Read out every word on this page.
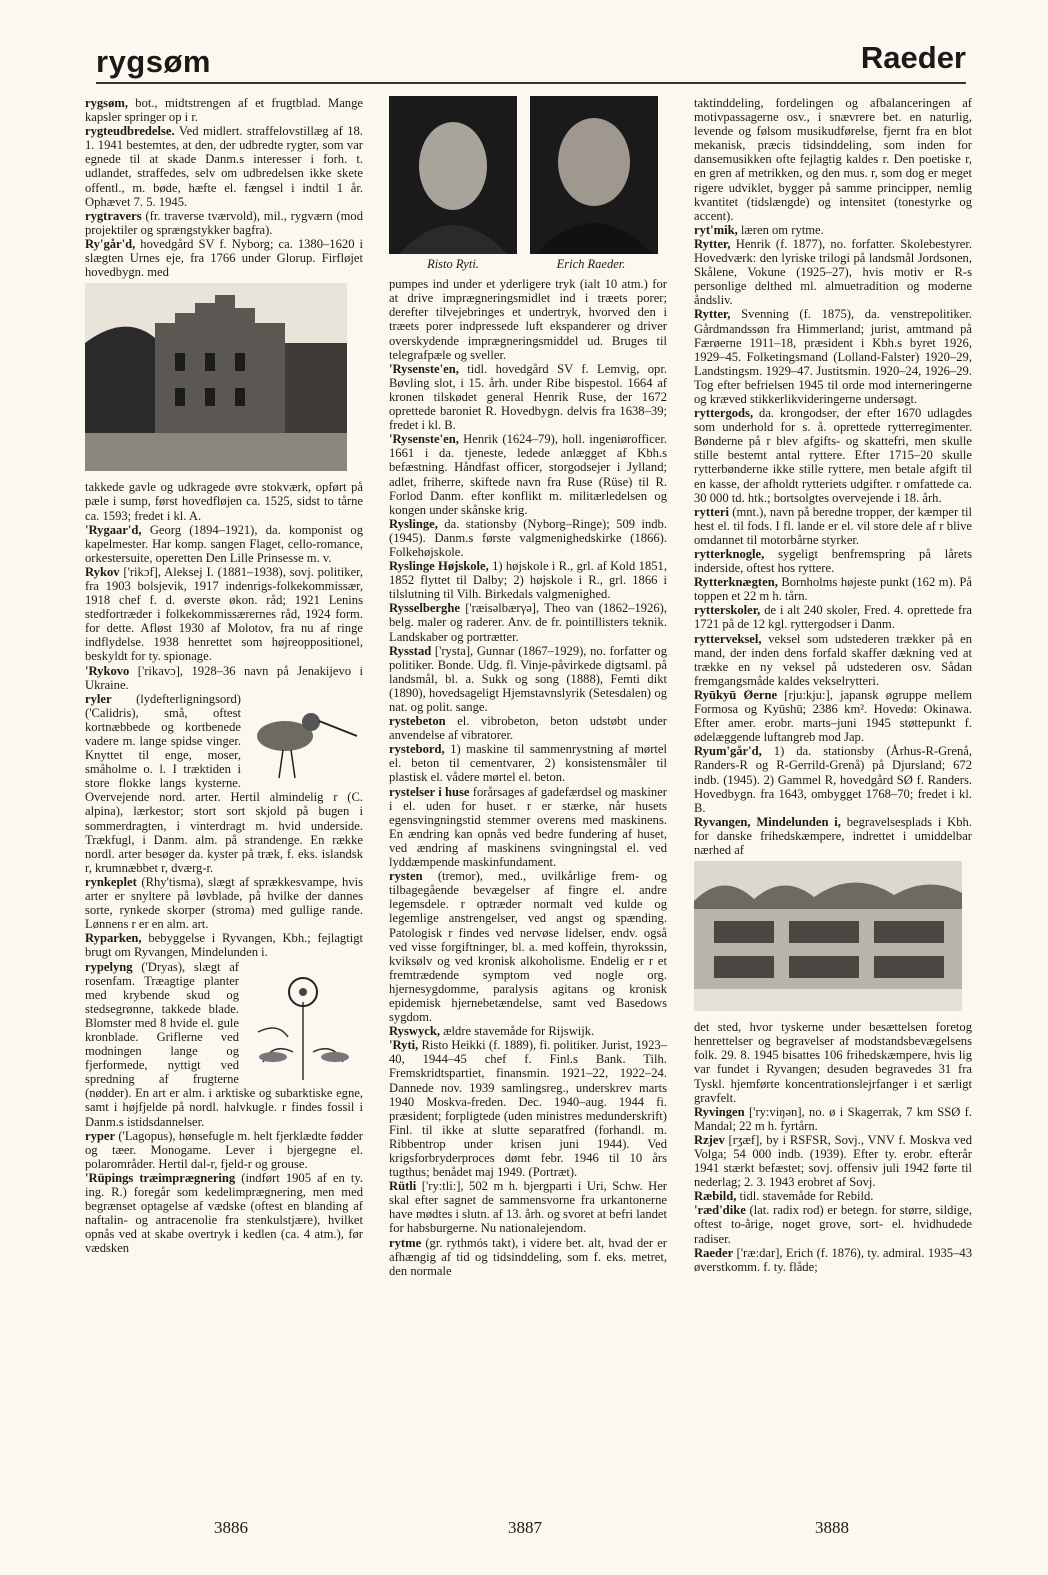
rygsøm	Raeder

rygsøm, bot., midtstrengen af et frugtblad. Mange kapsler springer op i r.

rygteudbredelse. Ved midlert. straffelovstillæg af 18. 1. 1941 bestemtes, at den, der udbredte rygter, som var egnede til at skade Danm.s interesser i forh. t. udlandet, straffedes, selv om udbredelsen ikke skete offentl., m. bøde, hæfte el. fængsel i indtil 1 år. Ophævet 7. 5. 1945.

rygtravers (fr. traverse tværvold), mil., rygværn (mod projektiler og sprængstykker bagfra).

Ry'går'd, hovedgård SV f. Nyborg; ca. 1380–1620 i slægten Urnes eje, fra 1766 under Glorup. Firfløjet hovedbygn. med

takkede gavle og udkragede øvre stokværk, opført på pæle i sump, først hovedfløjen ca. 1525, sidst to tårne ca. 1593; fredet i kl. A.

'Rygaar'd, Georg (1894–1921), da. komponist og kapelmester. Har komp. sangen Flaget, cello-romance, orkestersuite, operetten Den Lille Prinsesse m. v.

Rykov ['rikɔf], Aleksej I. (1881–1938), sovj. politiker, fra 1903 bolsjevik, 1917 indenrigs-folkekommissær, 1918 chef f. d. øverste økon. råd; 1921 Lenins stedfortræder i folkekommissærernes råd, 1924 form. for dette. Afløst 1930 af Molotov, fra nu af ringe indflydelse. 1938 henrettet som højreoppositionel, beskyldt for ty. spionage.

'Rykovo ['rikavɔ], 1928–36 navn på Jenakijevo i Ukraine.

ryler (lydefterligningsord) ('Calidris), små, oftest kortnæbbede og kortbenede vadere m. lange spidse vinger. Knyttet til enge, moser, småholme o. l. I træktiden i store flokke langs kysterne. Overvejende nord. arter. Hertil almindelig r (C. alpina), lærkestor; stort sort skjold på bugen i sommerdragten, i vinterdragt m. hvid underside. Trækfugl, i Danm. alm. på strandenge. En række nordl. arter besøger da. kyster på træk, f. eks. islandsk r, krumnæbbet r, dværg-r.

rynkeplet (Rhy'tisma), slægt af sprækkesvampe, hvis arter er snyltere på løvblade, på hvilke der dannes sorte, rynkede skorper (stroma) med gullige rande. Lønnens r er en alm. art.

Ryparken, bebyggelse i Ryvangen, Kbh.; fejlagtigt brugt om Ryvangen, Mindelunden i.

rypelyng ('Dryas), slægt af rosenfam. Træagtige planter med krybende skud og stedsegrønne, takkede blade. Blomster med 8 hvide el. gule kronblade. Griflerne ved modningen lange og fjerformede, nyttigt ved spredning af frugterne (nødder). En art er alm. i arktiske og subarktiske egne, samt i højfjelde på nordl. halvkugle. r findes fossil i Danm.s istidsdannelser.

ryper ('Lagopus), hønsefugle m. helt fjerklædte fødder og tæer. Monogame. Lever i bjergegne el. polarområder. Hertil dal-r, fjeld-r og grouse.

'Rüpings træimprægnering (indført 1905 af en ty. ing. R.) foregår som kedelimprægnering, men med begrænset optagelse af vædske (oftest en blanding af naftalin- og antracenolie fra stenkulstjære), hvilket opnås ved at skabe overtryk i kedlen (ca. 4 atm.), før vædsken

Risto Ryti.	Erich Raeder.

pumpes ind under et yderligere tryk (ialt 10 atm.) for at drive imprægneringsmidlet ind i træets porer; derefter tilvejebringes et undertryk, hvorved den i træets porer indpressede luft ekspanderer og driver overskydende imprægneringsmiddel ud. Bruges til telegrafpæle og sveller.

'Rysenste'en, tidl. hovedgård SV f. Lemvig, opr. Bøvling slot, i 15. årh. under Ribe bispestol. 1664 af kronen tilskødet general Henrik Ruse, der 1672 oprettede baroniet R. Hovedbygn. delvis fra 1638–39; fredet i kl. B.

'Rysenste'en, Henrik (1624–79), holl. ingeniørofficer. 1661 i da. tjeneste, ledede anlægget af Kbh.s befæstning. Håndfast officer, storgodsejer i Jylland; adlet, friherre, skiftede navn fra Ruse (Rüse) til R. Forlod Danm. efter konflikt m. militærledelsen og kongen under skånske krig.

Ryslinge, da. stationsby (Nyborg–Ringe); 509 indb. (1945). Danm.s første valgmenighedskirke (1866). Folkehøjskole.

Ryslinge Højskole, 1) højskole i R., grl. af Kold 1851, 1852 flyttet til Dalby; 2) højskole i R., grl. 1866 i tilslutning til Vilh. Birkedals valgmenighed.

Rysselberghe ['ræisəlbærγə], Theo van (1862–1926), belg. maler og raderer. Anv. de fr. pointillisters teknik. Landskaber og portrætter.

Rysstad ['rysta], Gunnar (1867–1929), no. forfatter og politiker. Bonde. Udg. fl. Vinje-påvirkede digtsaml. på landsmål, bl. a. Sukk og song (1888), Femti dikt (1890), hovedsageligt Hjemstavnslyrik (Setesdalen) og nat. og polit. sange.

rystebeton el. vibrobeton, beton udstøbt under anvendelse af vibratorer.

rystebord, 1) maskine til sammenrystning af mørtel el. beton til cementvarer, 2) konsistensmåler til plastisk el. vådere mørtel el. beton.

rystelser i huse forårsages af gadefærdsel og maskiner i el. uden for huset. r er stærke, når husets egensvingningstid stemmer overens med maskinens. En ændring kan opnås ved bedre fundering af huset, ved ændring af maskinens svingningstal el. ved lyddæmpende maskinfundament.

rysten (tremor), med., uvilkårlige frem- og tilbagegående bevægelser af fingre el. andre legemsdele. r optræder normalt ved kulde og legemlige anstrengelser, ved angst og spænding. Patologisk r findes ved nervøse lidelser, endv. også ved visse forgiftninger, bl. a. med koffein, thyrokssin, kviksølv og ved kronisk alkoholisme. Endelig er r et fremtrædende symptom ved nogle org. hjernesygdomme, paralysis agitans og kronisk epidemisk hjernebetændelse, samt ved Basedows sygdom.

Ryswyck, ældre stavemåde for Rijswijk.

'Ryti, Risto Heikki (f. 1889), fi. politiker. Jurist, 1923–40, 1944–45 chef f. Finl.s Bank. Tilh. Fremskridtspartiet, finansmin. 1921–22, 1922–24. Dannede nov. 1939 samlingsreg., underskrev marts 1940 Moskva-freden. Dec. 1940–aug. 1944 fi. præsident; forpligtede (uden ministres medunderskrift) Finl. til ikke at slutte separatfred (forhandl. m. Ribbentrop under krisen juni 1944). Ved krigsforbryderproces dømt febr. 1946 til 10 års tugthus; benådet maj 1949. (Portræt).

Rütli ['ry:tli:], 502 m h. bjergparti i Uri, Schw. Her skal efter sagnet de sammensvorne fra urkantonerne have mødtes i slutn. af 13. årh. og svoret at befri landet for habsburgerne. Nu nationalejendom.

rytme (gr. rythmós takt), i videre bet. alt, hvad der er afhængig af tid og tidsinddeling, som f. eks. metret, den normale

taktinddeling, fordelingen og afbalanceringen af motivpassagerne osv., i snævrere bet. en naturlig, levende og følsom musikudførelse, fjernt fra en blot mekanisk, præcis tidsinddeling, som inden for dansemusikken ofte fejlagtig kaldes r. Den poetiske r, en gren af metrikken, og den mus. r, som dog er meget rigere udviklet, bygger på samme principper, nemlig kvantitet (tidslængde) og intensitet (tonestyrke og accent).

ryt'mik, læren om rytme.

Rytter, Henrik (f. 1877), no. forfatter. Skolebestyrer. Hovedværk: den lyriske trilogi på landsmål Jordsonen, Skålene, Vokune (1925–27), hvis motiv er R-s personlige delthed ml. almuetradition og moderne åndsliv.

Rytter, Svenning (f. 1875), da. venstrepolitiker. Gårdmandssøn fra Himmerland; jurist, amtmand på Færøerne 1911–18, præsident i Kbh.s byret 1926, 1929–45. Folketingsmand (Lolland-Falster) 1920–29, Landstingsm. 1929–47. Justitsmin. 1920–24, 1926–29. Tog efter befrielsen 1945 til orde mod interneringerne og kræved stikkerlikvideringerne undersøgt.

ryttergods, da. krongodser, der efter 1670 udlagdes som underhold for s. å. oprettede rytterregimenter. Bønderne på r blev afgifts- og skattefri, men skulle stille bestemt antal ryttere. Efter 1715–20 skulle rytterbønderne ikke stille ryttere, men betale afgift til en kasse, der afholdt rytteriets udgifter. r omfattede ca. 30 000 td. htk.; bortsolgtes overvejende i 18. årh.

rytteri (mnt.), navn på beredne tropper, der kæmper til hest el. til fods. I fl. lande er el. vil store dele af r blive omdannet til motorbårne styrker.

rytterknogle, sygeligt benfremspring på lårets inderside, oftest hos ryttere.

Rytterknægten, Bornholms højeste punkt (162 m). På toppen et 22 m h. tårn.

rytterskoler, de i alt 240 skoler, Fred. 4. oprettede fra 1721 på de 12 kgl. ryttergodser i Danm.

rytterveksel, veksel som udstederen trækker på en mand, der inden dens forfald skaffer dækning ved at trække en ny veksel på udstederen osv. Sådan fremgangsmåde kaldes vekselrytteri.

Ryūkyū Øerne [rju:kju:], japansk øgruppe mellem Formosa og Kyūshū; 2386 km². Hovedø: Okinawa. Efter amer. erobr. marts–juni 1945 støttepunkt f. ødelæggende luftangreb mod Jap.

Ryum'går'd, 1) da. stationsby (Århus-R-Grenå, Randers-R og R-Gerrild-Grenå) på Djursland; 672 indb. (1945). 2) Gammel R, hovedgård SØ f. Randers. Hovedbygn. fra 1643, ombygget 1768–70; fredet i kl. B.

Ryvangen, Mindelunden i, begravelsesplads i Kbh. for danske frihedskæmpere, indrettet i umiddelbar nærhed af

det sted, hvor tyskerne under besættelsen foretog henrettelser og begravelser af modstandsbevægelsens folk. 29. 8. 1945 bisattes 106 frihedskæmpere, hvis lig var fundet i Ryvangen; desuden begravedes 31 fra Tyskl. hjemførte koncentrationslejrfanger i et særligt gravfelt.

Ryvingen ['ry:viŋən], no. ø i Skagerrak, 7 km SSØ f. Mandal; 22 m h. fyrtårn.

Rzjev [rʒæf], by i RSFSR, Sovj., VNV f. Moskva ved Volga; 54 000 indb. (1939). Efter ty. erobr. efterår 1941 stærkt befæstet; sovj. offensiv juli 1942 førte til nederlag; 2. 3. 1943 erobret af Sovj.

Ræbild, tidl. stavemåde for Rebild.

'ræd'dike (lat. radix rod) er betegn. for større, sildige, oftest to-årige, noget grove, sort- el. hvidhudede radiser.

Raeder ['ræ:dar], Erich (f. 1876), ty. admiral. 1935–43 øverstkomm. f. ty. flåde;

3886	3887	3888
